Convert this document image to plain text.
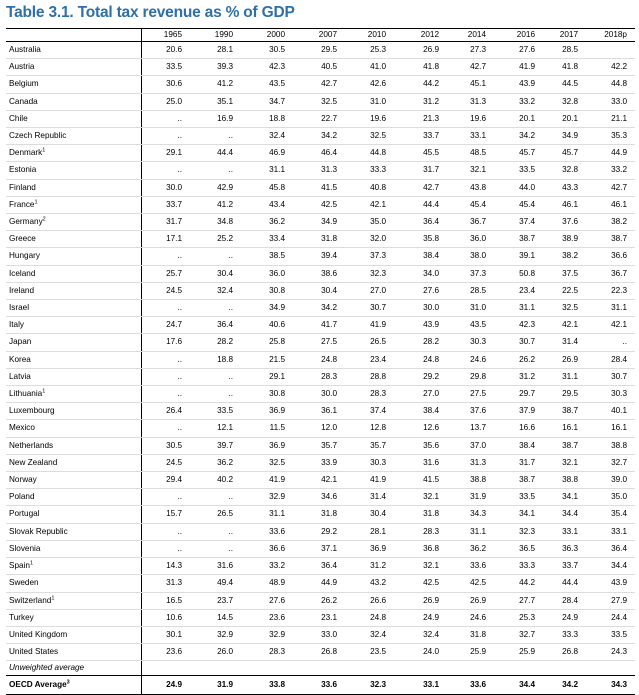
Table 3.1. Total tax revenue as % of GDP
	1965	1990	2000	2007	2010	2012	2014	2016	2017	2018p
Australia	20.6	28.1	30.5	29.5	25.3	26.9	27.3	27.6	28.5	
Austria	33.5	39.3	42.3	40.5	41.0	41.8	42.7	41.9	41.8	42.2
Belgium	30.6	41.2	43.5	42.7	42.6	44.2	45.1	43.9	44.5	44.8
Canada	25.0	35.1	34.7	32.5	31.0	31.2	31.3	33.2	32.8	33.0
Chile	..	16.9	18.8	22.7	19.6	21.3	19.6	20.1	20.1	21.1
Czech Republic	..	..	32.4	34.2	32.5	33.7	33.1	34.2	34.9	35.3
Denmark$^1$	29.1	44.4	46.9	46.4	44.8	45.5	48.5	45.7	45.7	44.9
Estonia	..	..	31.1	31.3	33.3	31.7	32.1	33.5	32.8	33.2
Finland	30.0	42.9	45.8	41.5	40.8	42.7	43.8	44.0	43.3	42.7
France$^1$	33.7	41.2	43.4	42.5	42.1	44.4	45.4	45.4	46.1	46.1
Germany$^2$	31.7	34.8	36.2	34.9	35.0	36.4	36.7	37.4	37.6	38.2
Greece	17.1	25.2	33.4	31.8	32.0	35.8	36.0	38.7	38.9	38.7
Hungary	..	..	38.5	39.4	37.3	38.4	38.0	39.1	38.2	36.6
Iceland	25.7	30.4	36.0	38.6	32.3	34.0	37.3	50.8	37.5	36.7
Ireland	24.5	32.4	30.8	30.4	27.0	27.6	28.5	23.4	22.5	22.3
Israel	..	..	34.9	34.2	30.7	30.0	31.0	31.1	32.5	31.1
Italy	24.7	36.4	40.6	41.7	41.9	43.9	43.5	42.3	42.1	42.1
Japan	17.6	28.2	25.8	27.5	26.5	28.2	30.3	30.7	31.4	..
Korea	..	18.8	21.5	24.8	23.4	24.8	24.6	26.2	26.9	28.4
Latvia	..	..	29.1	28.3	28.8	29.2	29.8	31.2	31.1	30.7
Lithuania$^1$	..	..	30.8	30.0	28.3	27.0	27.5	29.7	29.5	30.3
Luxembourg	26.4	33.5	36.9	36.1	37.4	38.4	37.6	37.9	38.7	40.1
Mexico	..	12.1	11.5	12.0	12.8	12.6	13.7	16.6	16.1	16.1
Netherlands	30.5	39.7	36.9	35.7	35.7	35.6	37.0	38.4	38.7	38.8
New Zealand	24.5	36.2	32.5	33.9	30.3	31.6	31.3	31.7	32.1	32.7
Norway	29.4	40.2	41.9	42.1	41.9	41.5	38.8	38.7	38.8	39.0
Poland	..	..	32.9	34.6	31.4	32.1	31.9	33.5	34.1	35.0
Portugal	15.7	26.5	31.1	31.8	30.4	31.8	34.3	34.1	34.4	35.4
Slovak Republic	..	..	33.6	29.2	28.1	28.3	31.1	32.3	33.1	33.1
Slovenia	..	..	36.6	37.1	36.9	36.8	36.2	36.5	36.3	36.4
Spain$^1$	14.3	31.6	33.2	36.4	31.2	32.1	33.6	33.3	33.7	34.4
Sweden	31.3	49.4	48.9	44.9	43.2	42.5	42.5	44.2	44.4	43.9
Switzerland$^1$	16.5	23.7	27.6	26.2	26.6	26.9	26.9	27.7	28.4	27.9
Turkey	10.6	14.5	23.6	23.1	24.8	24.9	24.6	25.3	24.9	24.4
United Kingdom	30.1	32.9	32.9	33.0	32.4	32.4	31.8	32.7	33.3	33.5
United States	23.6	26.0	28.3	26.8	23.5	24.0	25.9	25.9	26.8	24.3
Unweighted average										
OECD Average$^3$	24.9	31.9	33.8	33.6	32.3	33.1	33.6	34.4	34.2	34.3
